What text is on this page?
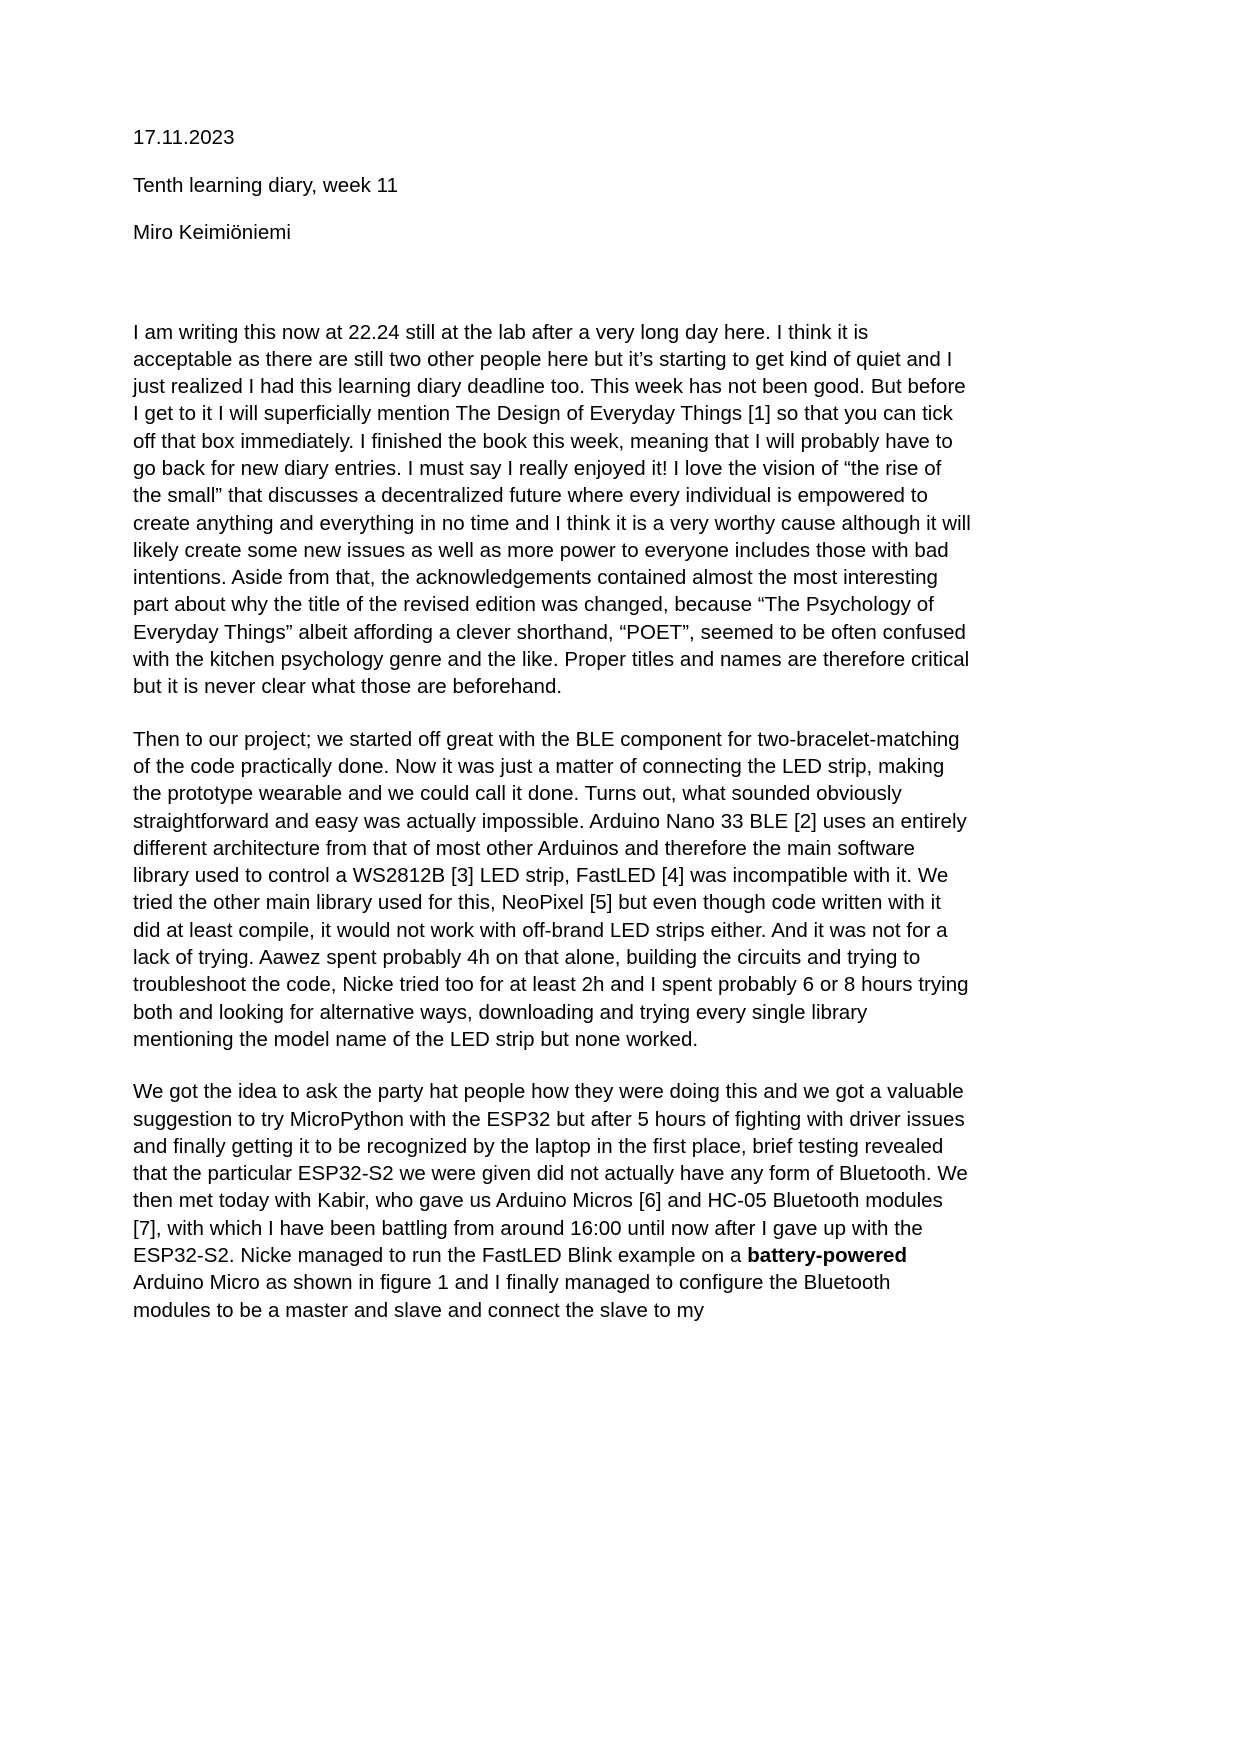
17.11.2023
Tenth learning diary, week 11
Miro Keimiöniemi

I am writing this now at 22.24 still at the lab after a very long day here. I think it is acceptable as there are still two other people here but it’s starting to get kind of quiet and I just realized I had this learning diary deadline too. This week has not been good. But before I get to it I will superficially mention The Design of Everyday Things [1] so that you can tick off that box immediately. I finished the book this week, meaning that I will probably have to go back for new diary entries. I must say I really enjoyed it! I love the vision of “the rise of the small” that discusses a decentralized future where every individual is empowered to create anything and everything in no time and I think it is a very worthy cause although it will likely create some new issues as well as more power to everyone includes those with bad intentions. Aside from that, the acknowledgements contained almost the most interesting part about why the title of the revised edition was changed, because “The Psychology of Everyday Things” albeit affording a clever shorthand, “POET”, seemed to be often confused with the kitchen psychology genre and the like. Proper titles and names are therefore critical but it is never clear what those are beforehand.

Then to our project; we started off great with the BLE component for two-bracelet-matching of the code practically done. Now it was just a matter of connecting the LED strip, making the prototype wearable and we could call it done. Turns out, what sounded obviously straightforward and easy was actually impossible. Arduino Nano 33 BLE [2] uses an entirely different architecture from that of most other Arduinos and therefore the main software library used to control a WS2812B [3] LED strip, FastLED [4] was incompatible with it. We tried the other main library used for this, NeoPixel [5] but even though code written with it did at least compile, it would not work with off-brand LED strips either. And it was not for a lack of trying. Aawez spent probably 4h on that alone, building the circuits and trying to troubleshoot the code, Nicke tried too for at least 2h and I spent probably 6 or 8 hours trying both and looking for alternative ways, downloading and trying every single library mentioning the model name of the LED strip but none worked.

We got the idea to ask the party hat people how they were doing this and we got a valuable suggestion to try MicroPython with the ESP32 but after 5 hours of fighting with driver issues and finally getting it to be recognized by the laptop in the first place, brief testing revealed that the particular ESP32-S2 we were given did not actually have any form of Bluetooth. We then met today with Kabir, who gave us Arduino Micros [6] and HC-05 Bluetooth modules [7], with which I have been battling from around 16:00 until now after I gave up with the ESP32-S2. Nicke managed to run the FastLED Blink example on a battery-powered Arduino Micro as shown in figure 1 and I finally managed to configure the Bluetooth modules to be a master and slave and connect the slave to my
